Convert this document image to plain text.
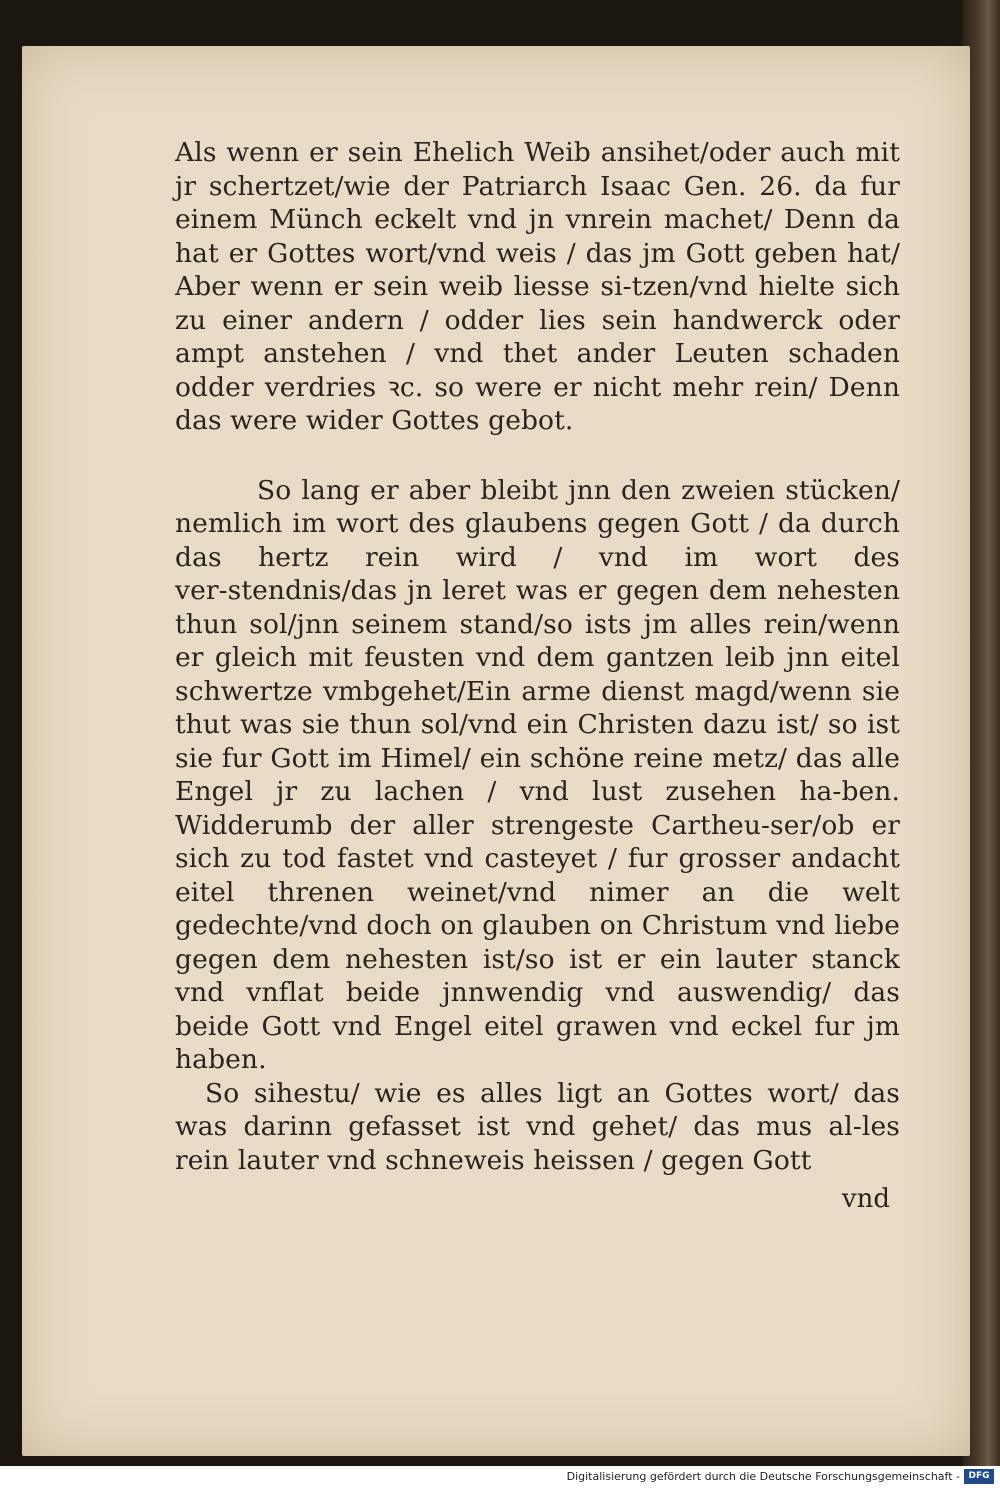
Als wenn er sein Ehelich Weib ansihet/oder auch mit jr schertzet/wie der Patriarch Isaac Gen. 26. da fur einem Münch eckelt vnd jn vnrein machet/ Denn da hat er Gottes wort/vnd weis / das jm Gott geben hat/ Aber wenn er sein weib liesse si‑tzen/vnd hielte sich zu einer andern / odder lies sein handwerck oder ampt anstehen / vnd thet ander Leuten schaden odder verdries ꝛc. so were er nicht mehr rein/ Denn das were wider Gottes gebot.

So lang er aber bleibt jnn den zweien stücken/ nemlich im wort des glaubens gegen Gott / da durch das hertz rein wird / vnd im wort des ver‑stendnis/das jn leret was er gegen dem nehesten thun sol/jnn seinem stand/so ists jm alles rein/wenn er gleich mit feusten vnd dem gantzen leib jnn eitel schwertze vmbgehet/Ein arme dienst magd/wenn sie thut was sie thun sol/vnd ein Christen dazu ist/ so ist sie fur Gott im Himel/ ein schöne reine metz/ das alle Engel jr zu lachen / vnd lust zusehen ha‑ben. Widderumb der aller strengeste Cartheu‑ser/ob er sich zu tod fastet vnd casteyet / fur grosser andacht eitel threnen weinet/vnd nimer an die welt gedechte/vnd doch on glauben on Christum vnd liebe gegen dem nehesten ist/so ist er ein lauter stanck vnd vnflat beide jnnwendig vnd auswendig/ das beide Gott vnd Engel eitel grawen vnd eckel fur jm haben.

So sihestu/ wie es alles ligt an Gottes wort/ das was darinn gefasset ist vnd gehet/ das mus al‑les rein lauter vnd schneweis heissen / gegen Gott

vnd
Digitalisierung gefördert durch die Deutsche Forschungsgemeinschaft - DFG
